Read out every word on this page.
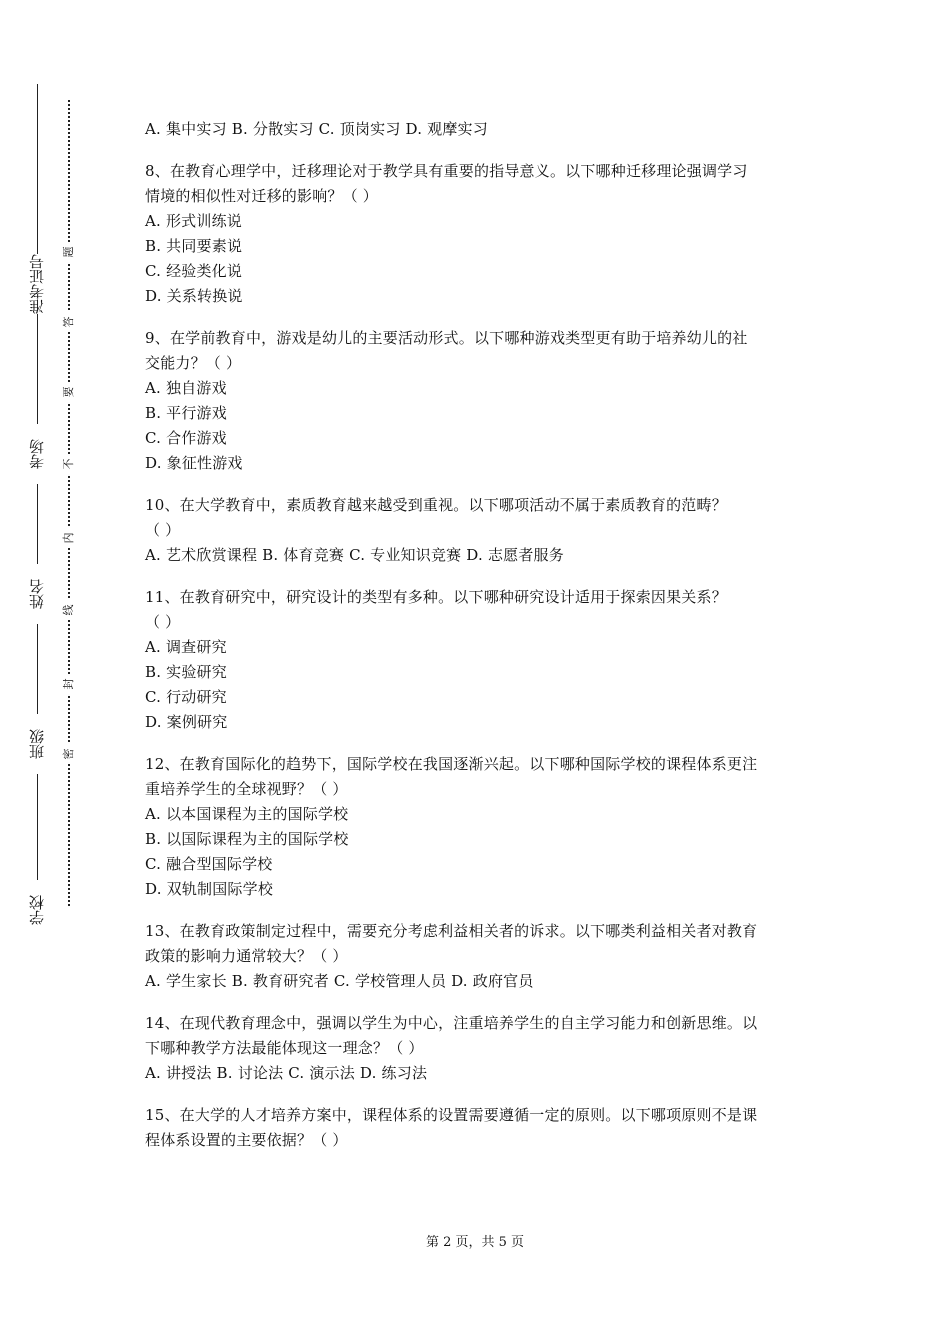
准考证号
考场
姓名
班级
学校
题
答
要
不
内
线
封
密
A. 集中实习 B. 分散实习 C. 顶岗实习 D. 观摩实习
8、在教育心理学中，迁移理论对于教学具有重要的指导意义。以下哪种迁移理论强调学习
情境的相似性对迁移的影响？（ ）
A. 形式训练说
B. 共同要素说
C. 经验类化说
D. 关系转换说
9、在学前教育中，游戏是幼儿的主要活动形式。以下哪种游戏类型更有助于培养幼儿的社
交能力？（ ）
A. 独自游戏
B. 平行游戏
C. 合作游戏
D. 象征性游戏
10、在大学教育中，素质教育越来越受到重视。以下哪项活动不属于素质教育的范畴？
（ ）
A. 艺术欣赏课程 B. 体育竞赛 C. 专业知识竞赛 D. 志愿者服务
11、在教育研究中，研究设计的类型有多种。以下哪种研究设计适用于探索因果关系？
（ ）
A. 调查研究
B. 实验研究
C. 行动研究
D. 案例研究
12、在教育国际化的趋势下，国际学校在我国逐渐兴起。以下哪种国际学校的课程体系更注
重培养学生的全球视野？（ ）
A. 以本国课程为主的国际学校
B. 以国际课程为主的国际学校
C. 融合型国际学校
D. 双轨制国际学校
13、在教育政策制定过程中，需要充分考虑利益相关者的诉求。以下哪类利益相关者对教育
政策的影响力通常较大？（ ）
A. 学生家长 B. 教育研究者 C. 学校管理人员 D. 政府官员
14、在现代教育理念中，强调以学生为中心，注重培养学生的自主学习能力和创新思维。以
下哪种教学方法最能体现这一理念？（ ）
A. 讲授法 B. 讨论法 C. 演示法 D. 练习法
15、在大学的人才培养方案中，课程体系的设置需要遵循一定的原则。以下哪项原则不是课
程体系设置的主要依据？（ ）
第 2 页，共 5 页
